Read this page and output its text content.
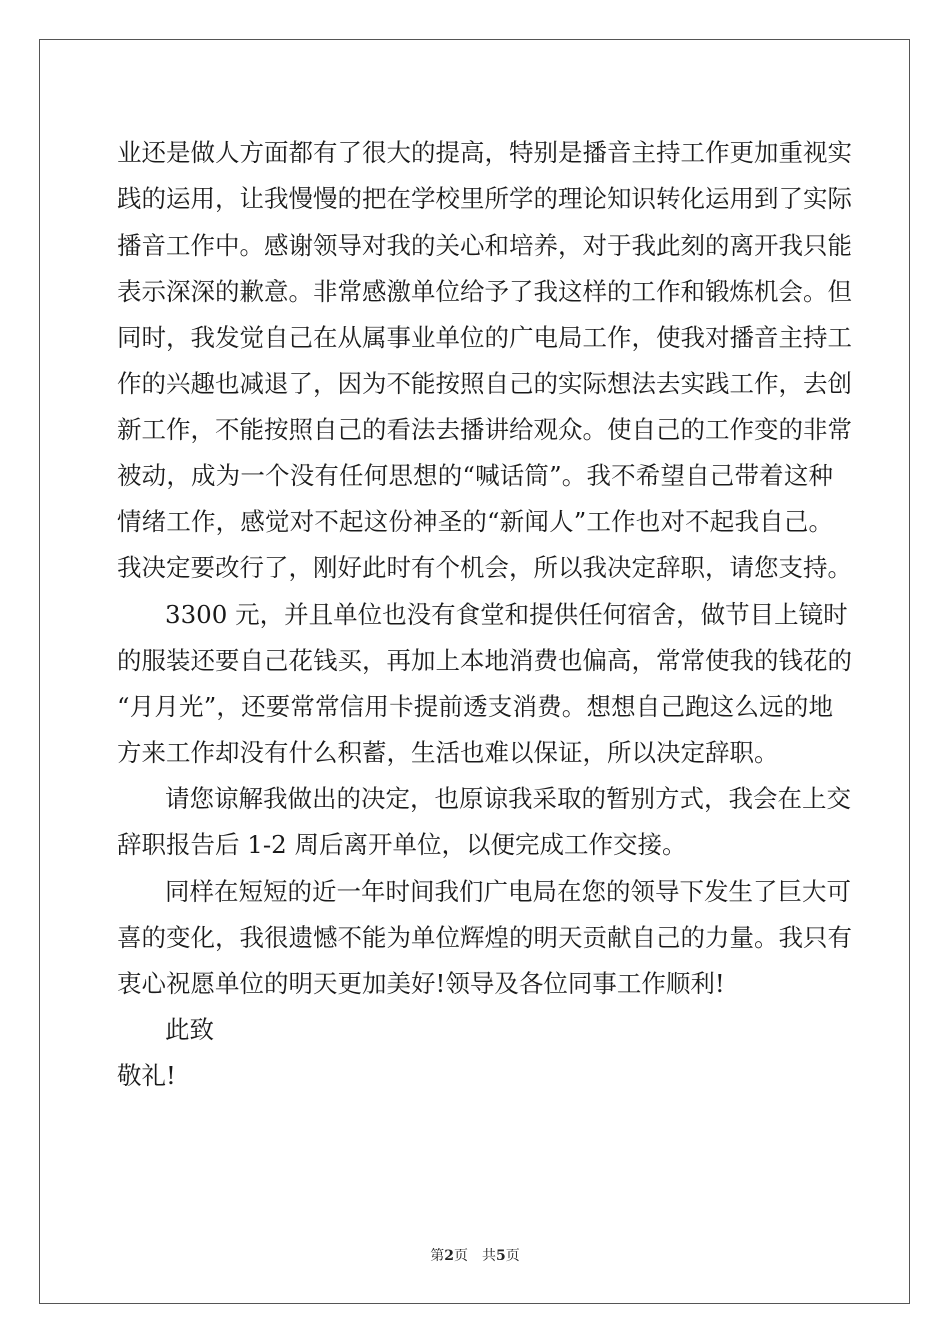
业还是做人方面都有了很大的提高，特别是播音主持工作更加重视实
践的运用，让我慢慢的把在学校里所学的理论知识转化运用到了实际
播音工作中。感谢领导对我的关心和培养，对于我此刻的离开我只能
表示深深的歉意。非常感激单位给予了我这样的工作和锻炼机会。但
同时，我发觉自己在从属事业单位的广电局工作，使我对播音主持工
作的兴趣也减退了，因为不能按照自己的实际想法去实践工作，去创
新工作，不能按照自己的看法去播讲给观众。使自己的工作变的非常
被动，成为一个没有任何思想的“喊话筒”。我不希望自己带着这种
情绪工作，感觉对不起这份神圣的“新闻人”工作也对不起我自己。
我决定要改行了，刚好此时有个机会，所以我决定辞职，请您支持。
3300 元，并且单位也没有食堂和提供任何宿舍，做节目上镜时
的服装还要自己花钱买，再加上本地消费也偏高，常常使我的钱花的
“月月光”，还要常常信用卡提前透支消费。想想自己跑这么远的地
方来工作却没有什么积蓄，生活也难以保证，所以决定辞职。
请您谅解我做出的决定，也原谅我采取的暂别方式，我会在上交
辞职报告后 1-2 周后离开单位，以便完成工作交接。
同样在短短的近一年时间我们广电局在您的领导下发生了巨大可
喜的变化，我很遗憾不能为单位辉煌的明天贡献自己的力量。我只有
衷心祝愿单位的明天更加美好!领导及各位同事工作顺利!
此致
敬礼!
第2页　共5页
